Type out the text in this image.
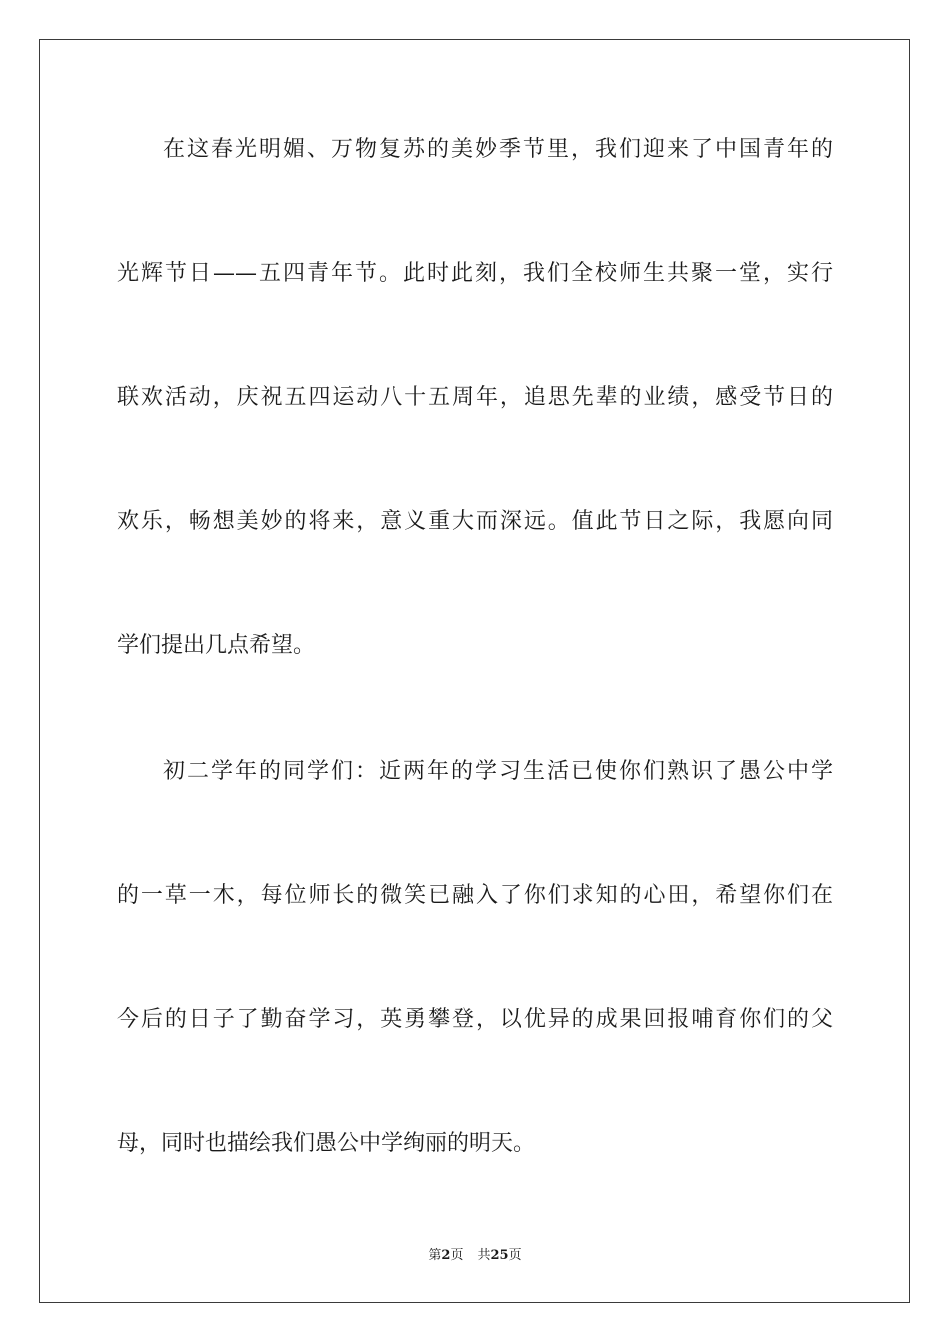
在这春光明媚、万物复苏的美妙季节里，我们迎来了中国青年的
光辉节日——五四青年节。此时此刻，我们全校师生共聚一堂，实行
联欢活动，庆祝五四运动八十五周年，追思先辈的业绩，感受节日的
欢乐，畅想美妙的将来，意义重大而深远。值此节日之际，我愿向同
学们提出几点希望。
初二学年的同学们：近两年的学习生活已使你们熟识了愚公中学
的一草一木，每位师长的微笑已融入了你们求知的心田，希望你们在
今后的日子了勤奋学习，英勇攀登，以优异的成果回报哺育你们的父
母，同时也描绘我们愚公中学绚丽的明天。
第2页 共25页
